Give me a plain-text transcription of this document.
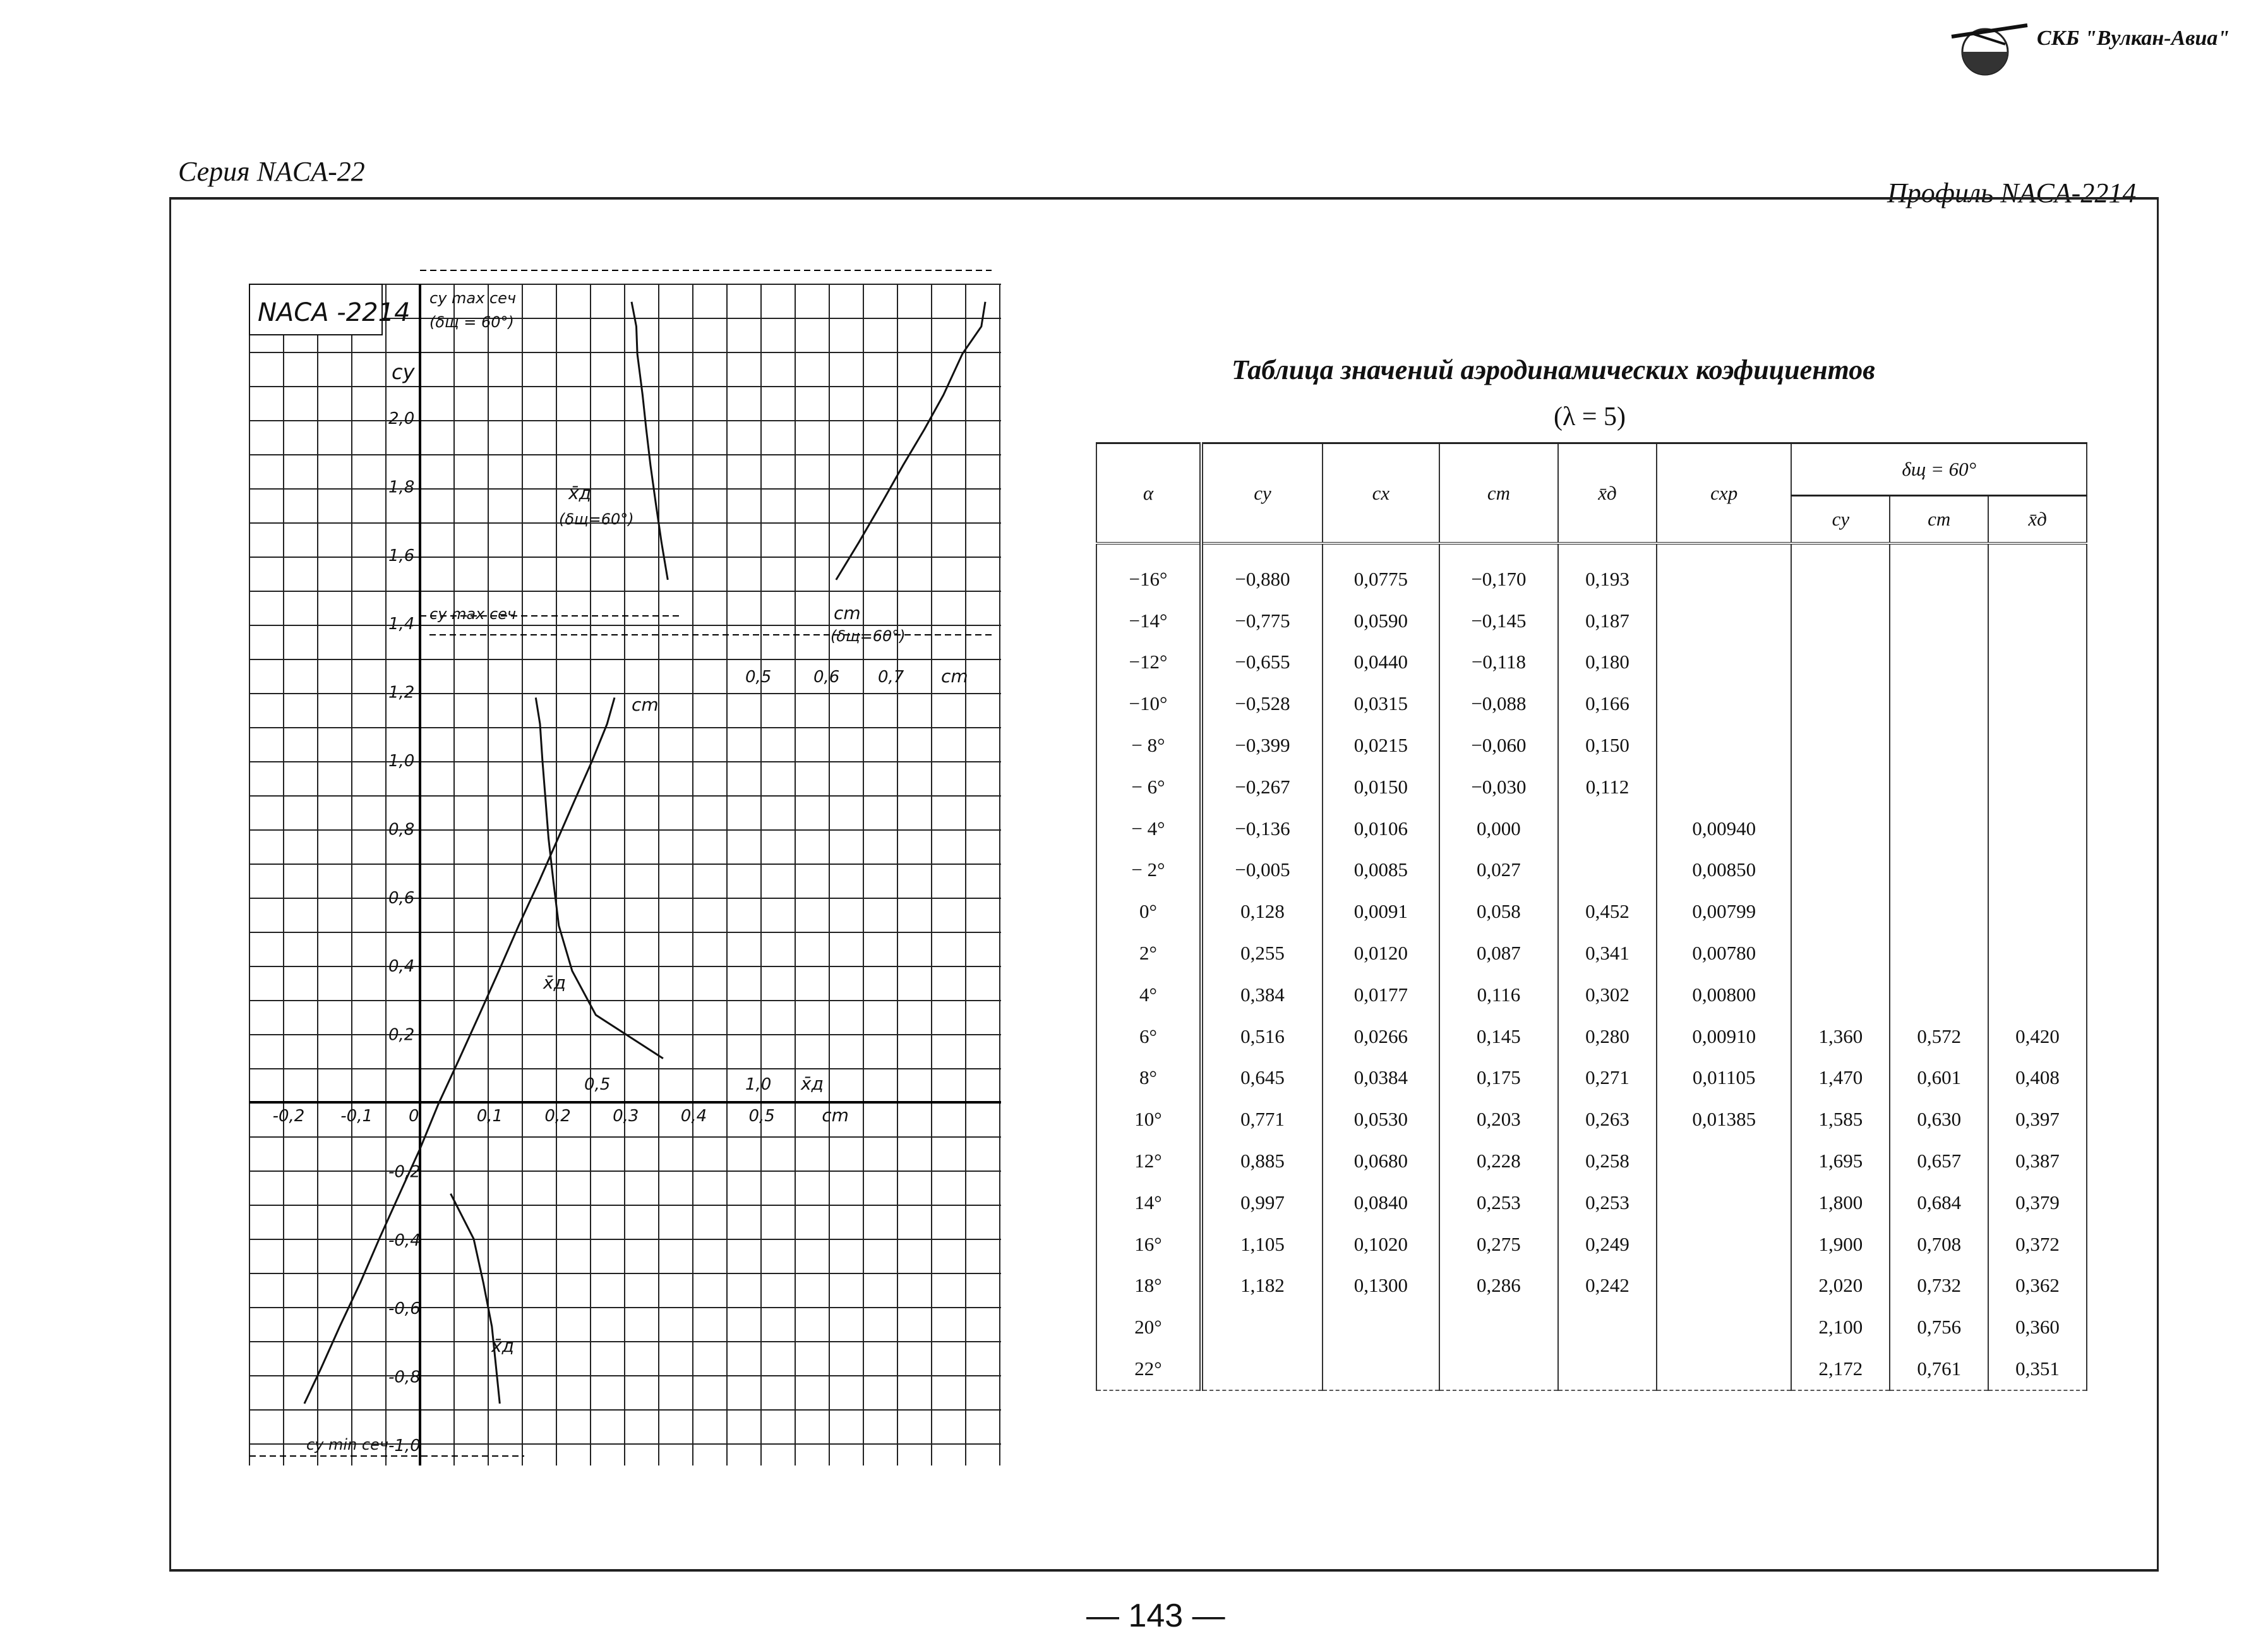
СКБ "Вулкан-Авиа"
Серия NACA-22
Профиль NACA-2214
NACA -2214
cy
2,0
1,8
1,6
1,4
1,2
1,0
0,8
0,6
0,4
0,2
-0,2
-0,4
-0,6
-0,8
-1,0
-0,2 -0,1 0	0,1	0,2	0,3	0,4	0,5	cm
0,5	1,0 x̄д
0,5	0,6 0,7 cm
cy max сеч
(δщ = 60°)
x̄д
(δщ=60°)
cy max сеч	cm
(δщ=60°)
cm
x̄д
x̄д
cy min сеч
Таблица значений аэродинамических коэфициентов
(λ = 5)
α	cy	cx	cm	x̄д	cxp	δщ = 60°		
						cy	cm	x̄д
−16°	−0,880	0,0775	−0,170	0,193				
−14°	−0,775	0,0590	−0,145	0,187				
−12°	−0,655	0,0440	−0,118	0,180				
−10°	−0,528	0,0315	−0,088	0,166				
− 8°	−0,399	0,0215	−0,060	0,150				
− 6°	−0,267	0,0150	−0,030	0,112				
− 4°	−0,136	0,0106	0,000		0,00940			
− 2°	−0,005	0,0085	0,027		0,00850			
0°	0,128	0,0091	0,058	0,452	0,00799			
2°	0,255	0,0120	0,087	0,341	0,00780			
4°	0,384	0,0177	0,116	0,302	0,00800			
6°	0,516	0,0266	0,145	0,280	0,00910	1,360	0,572	0,420
8°	0,645	0,0384	0,175	0,271	0,01105	1,470	0,601	0,408
10°	0,771	0,0530	0,203	0,263	0,01385	1,585	0,630	0,397
12°	0,885	0,0680	0,228	0,258		1,695	0,657	0,387
14°	0,997	0,0840	0,253	0,253		1,800	0,684	0,379
16°	1,105	0,1020	0,275	0,249		1,900	0,708	0,372
18°	1,182	0,1300	0,286	0,242		2,020	0,732	0,362
20°						2,100	0,756	0,360
22°						2,172	0,761	0,351
— 143 —
